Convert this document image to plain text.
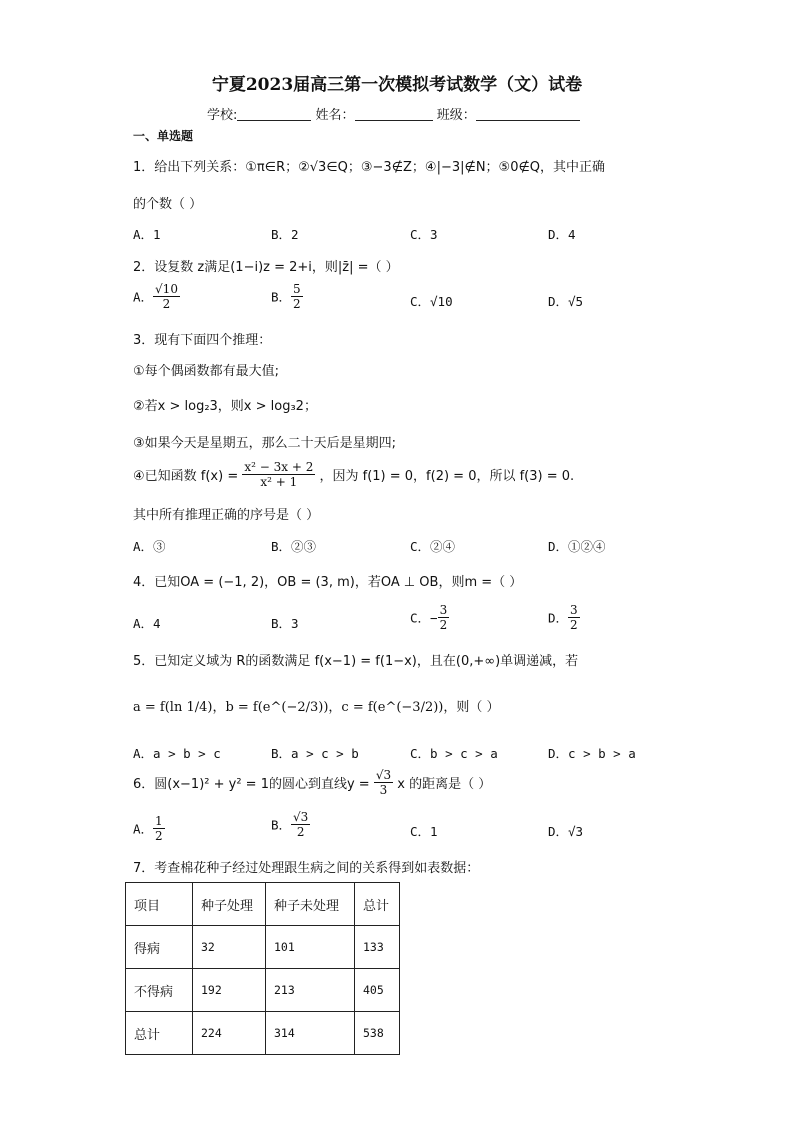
宁夏2023届高三第一次模拟考试数学（文）试卷
学校:	姓名：	班级：
一、单选题
1．给出下列关系：①π∈R；②√3∈Q；③−3∉Z；④|−3|∉N；⑤0∉Q，其中正确
的个数（ ）
A．1	B．2	C．3	D．4
2．设复数 z满足(1−i)z = 2+i，则|z̄| =（ ）
A． $\frac{√10}{2}$	B． $\frac{5}{2}$	C．√10	D．√5
3．现有下面四个推理：
①每个偶函数都有最大值;
②若x > log₂3，则x > log₃2；
③如果今天是星期五，那么二十天后是星期四;
④已知函数 $f(x) = \frac{\text{x² − 3x + 2}}{\text{x² + 1}}$ ，因为 f(1) = 0，f(2) = 0，所以 f(3) = 0.
其中所有推理正确的序号是（ ）
A．③	B．②③	C．②④	D．①②④
4．已知OA = (−1, 2)，OB = (3, m)，若OA ⊥ OB，则m =（ ）
A．4	B．3	C．− $\frac{3}{2}$	D． $\frac{3}{2}$
5．已知定义域为 R的函数满足 f(x−1) = f(1−x)，且在(0,+∞)单调递减，若
a = f(ln 1/4)，b = f(e^(−2/3))，c = f(e^(−3/2))，则（ ）
A．a > b > c	B．a > c > b	C．b > c > a	D．c > b > a
6．圆(x−1)² + y² = 1的圆心到直线$y = \frac{√3}{3}$ x 的距离是（ ）
A． $\frac{1}{2}$	B． $\frac{√3}{2}$	C．1	D．√3
7．考查棉花种子经过处理跟生病之间的关系得到如表数据：
项目	种子处理	种子未处理	总计
得病	32	101	133
不得病	192	213	405
总计	224	314	538
